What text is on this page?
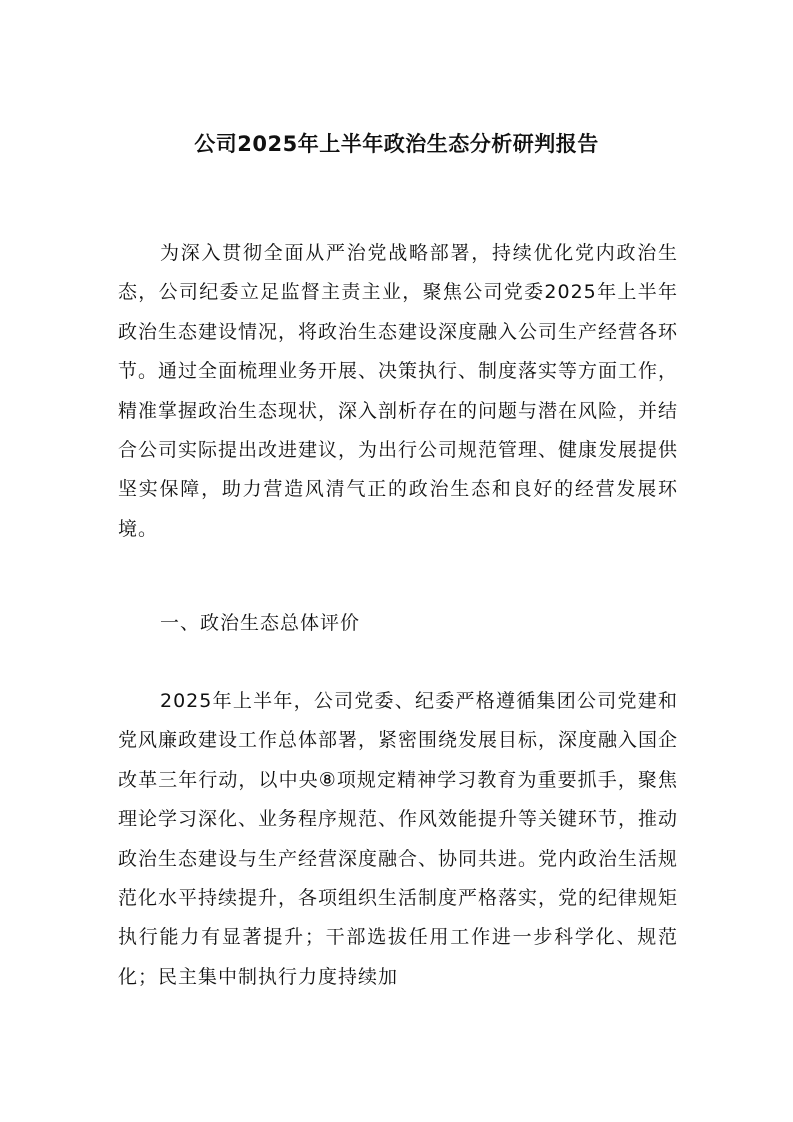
公司2025年上半年政治生态分析研判报告

为深入贯彻全面从严治党战略部署，持续优化党内政治生态，公司纪委立足监督主责主业，聚焦公司党委2025年上半年政治生态建设情况，将政治生态建设深度融入公司生产经营各环节。通过全面梳理业务开展、决策执行、制度落实等方面工作，精准掌握政治生态现状，深入剖析存在的问题与潜在风险，并结合公司实际提出改进建议，为出行公司规范管理、健康发展提供坚实保障，助力营造风清气正的政治生态和良好的经营发展环境。

一、政治生态总体评价

2025年上半年，公司党委、纪委严格遵循集团公司党建和党风廉政建设工作总体部署，紧密围绕发展目标，深度融入国企改革三年行动，以中央⑧项规定精神学习教育为重要抓手，聚焦理论学习深化、业务程序规范、作风效能提升等关键环节，推动政治生态建设与生产经营深度融合、协同共进。党内政治生活规范化水平持续提升，各项组织生活制度严格落实，党的纪律规矩执行能力有显著提升；干部选拔任用工作进一步科学化、规范化；民主集中制执行力度持续加
